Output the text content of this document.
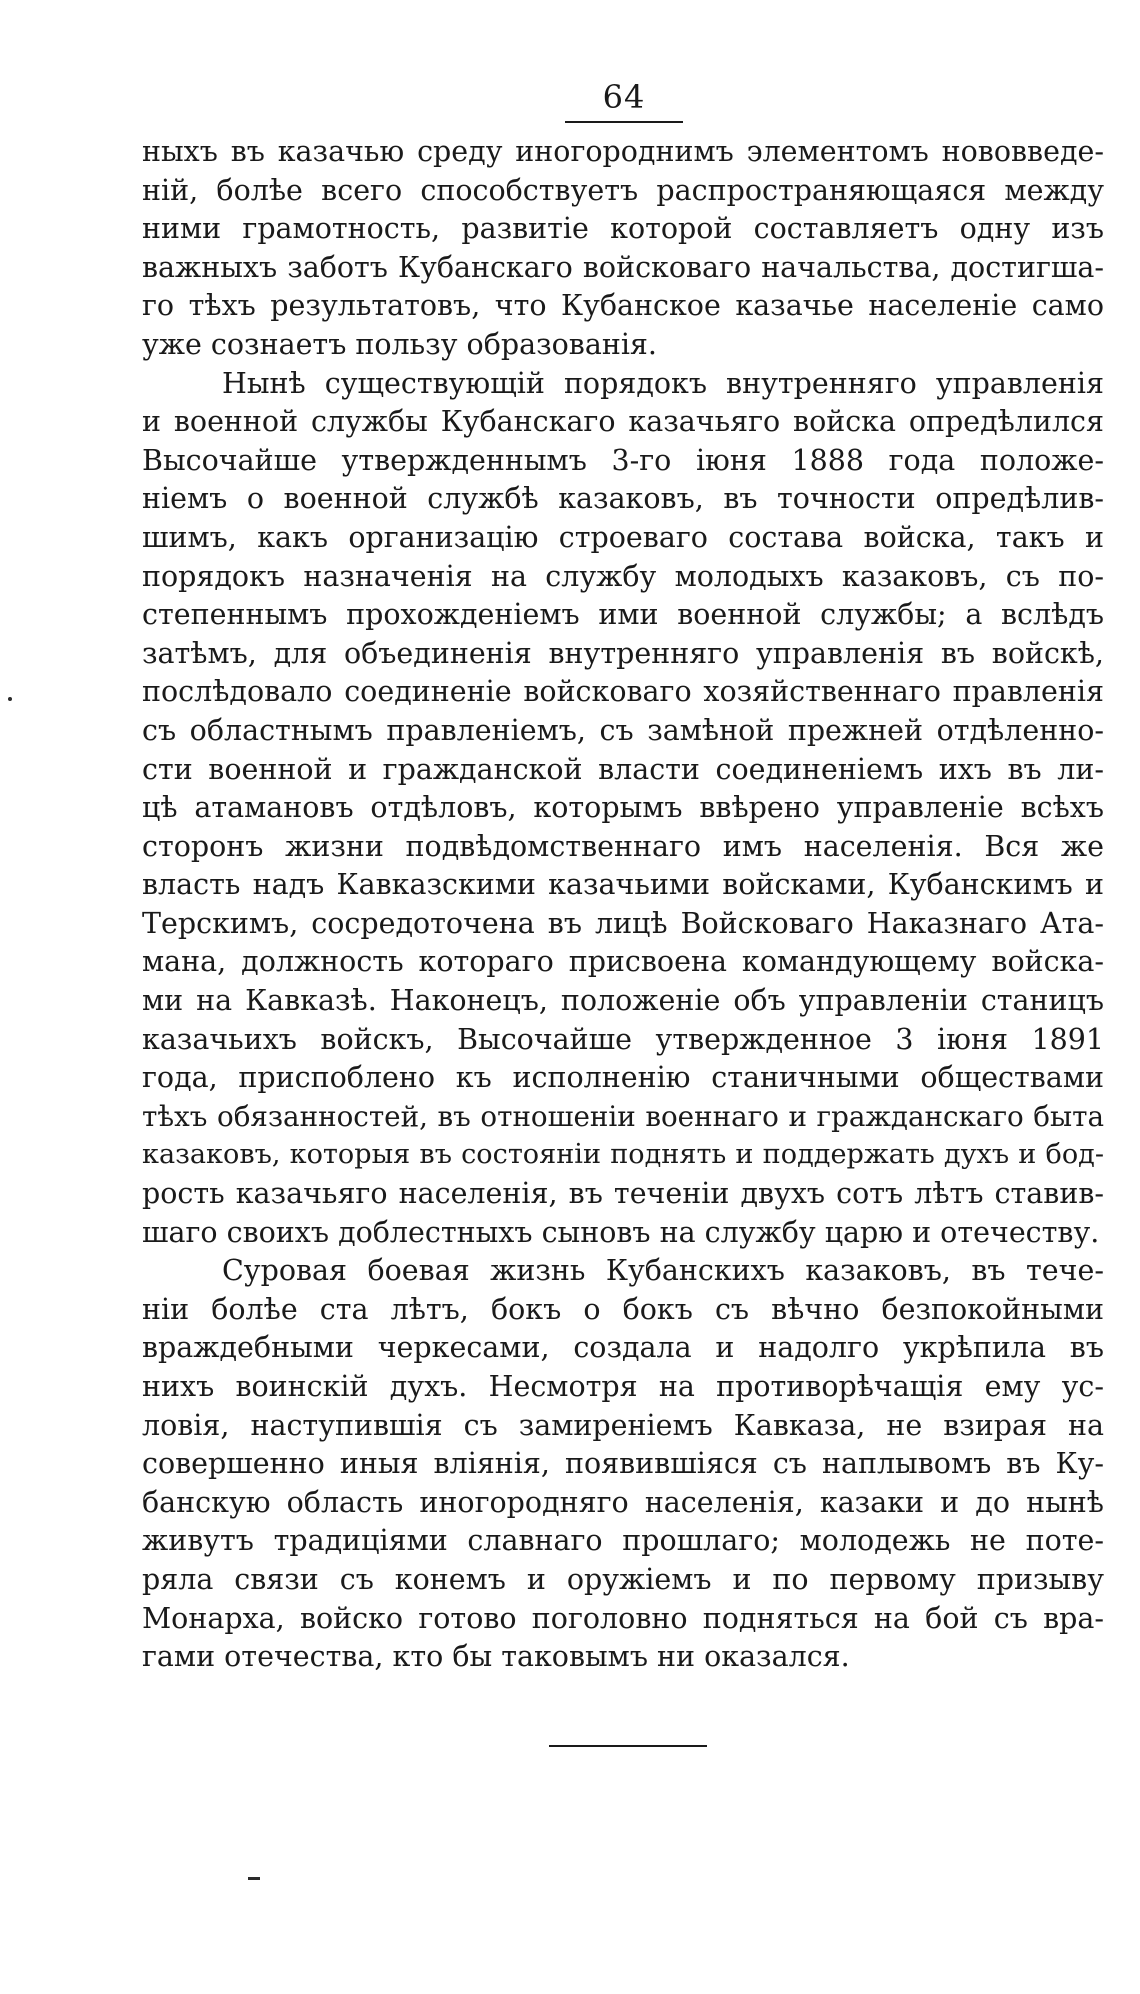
64
ныхъ въ казачью среду иногороднимъ элементомъ нововведе-
ній, болѣе всего способствуетъ распространяющаяся между
ними грамотность, развитіе которой составляетъ одну изъ
важныхъ заботъ Кубанскаго войсковаго начальства, достигша-
го тѣхъ результатовъ, что Кубанское казачье населеніе само
уже сознаетъ пользу образованія.
Нынѣ существующій порядокъ внутренняго управленія
и военной службы Кубанскаго казачьяго войска опредѣлился
Высочайше утвержденнымъ 3-го іюня 1888 года положе-
ніемъ о военной службѣ казаковъ, въ точности опредѣлив-
шимъ, какъ организацію строеваго состава войска, такъ и
порядокъ назначенія на службу молодыхъ казаковъ, съ по-
степеннымъ прохожденіемъ ими военной службы; а вслѣдъ
затѣмъ, для объединенія внутренняго управленія въ войскѣ,
послѣдовало соединеніе войсковаго хозяйственнаго правленія
съ областнымъ правленіемъ, съ замѣной прежней отдѣленно-
сти военной и гражданской власти соединеніемъ ихъ въ ли-
цѣ атамановъ отдѣловъ, которымъ ввѣрено управленіе всѣхъ
сторонъ жизни подвѣдомственнаго имъ населенія. Вся же
власть надъ Кавказскими казачьими войсками, Кубанскимъ и
Терскимъ, сосредоточена въ лицѣ Войсковаго Наказнаго Ата-
мана, должность котораго присвоена командующему войска-
ми на Кавказѣ. Наконецъ, положеніе объ управленіи станицъ
казачьихъ войскъ, Высочайше утвержденное 3 іюня 1891
года, приспоблено къ исполненію станичными обществами
тѣхъ обязанностей, въ отношеніи военнаго и гражданскаго быта
казаковъ, которыя въ состояніи поднять и поддержать духъ и бод-
рость казачьяго населенія, въ теченіи двухъ сотъ лѣтъ ставив-
шаго своихъ доблестныхъ сыновъ на службу царю и отечеству.
Суровая боевая жизнь Кубанскихъ казаковъ, въ тече-
ніи болѣе ста лѣтъ, бокъ о бокъ съ вѣчно безпокойными
враждебными черкесами, создала и надолго укрѣпила въ
нихъ воинскій духъ. Несмотря на противорѣчащія ему ус-
ловія, наступившія съ замиреніемъ Кавказа, не взирая на
совершенно иныя вліянія, появившіяся съ наплывомъ въ Ку-
банскую область иногородняго населенія, казаки и до нынѣ
живутъ традиціями славнаго прошлаго; молодежь не поте-
ряла связи съ конемъ и оружіемъ и по первому призыву
Монарха, войско готово поголовно подняться на бой съ вра-
гами отечества, кто бы таковымъ ни оказался.
